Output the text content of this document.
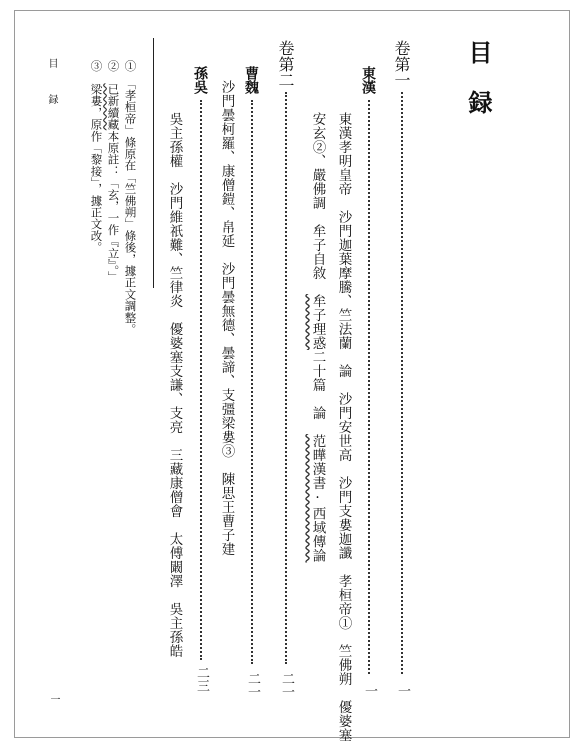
目録
卷第一
一
東漢
一
東漢孝明皇帝　沙門迦葉摩騰、竺法蘭　論　沙門安世高　沙門支婁迦讖　孝桓帝①　竺佛朔　優婆塞
安玄②、嚴佛調　牟子自敘　牟子理惑二十篇　論　范曄漢書·西域傳論
卷第二
二一
曹魏
二一
沙門曇柯羅、康僧鎧、帛延　沙門曇無德、曇諦、支彊梁婁③　陳思王曹子建
孫吳
二三
吳主孫權　沙門維祇難、竺律炎　優婆塞支謙、支亮　三藏康僧會　太傅闞澤　吳主孫皓
①　「孝桓帝」條原在「竺佛朔」條後，據正文調整。
②　已新續藏本原註：「玄，一作『立』。」
③　梁婁，原作「黎接」，據正文改。
目　録
一
